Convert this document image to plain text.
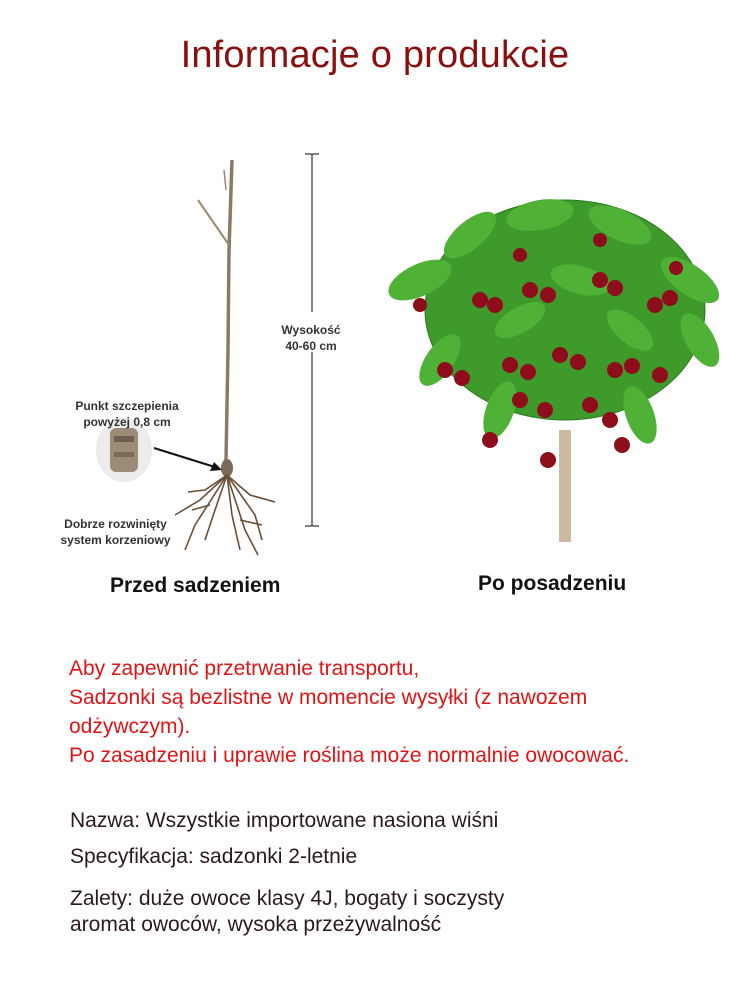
Informacje o produkcie
Wysokość
40-60 cm
Punkt szczepienia
powyżej 0,8 cm
Dobrze rozwinięty
system korzeniowy
Przed sadzeniem	Po posadzeniu
Aby zapewnić przetrwanie transportu,
Sadzonki są bezlistne w momencie wysyłki (z nawozem
odżywczym).
Po zasadzeniu i uprawie roślina może normalnie owocować.
Nazwa: Wszystkie importowane nasiona wiśni
Specyfikacja: sadzonki 2-letnie
Zalety: duże owoce klasy 4J, bogaty i soczysty
aromat owoców, wysoka przeżywalność
